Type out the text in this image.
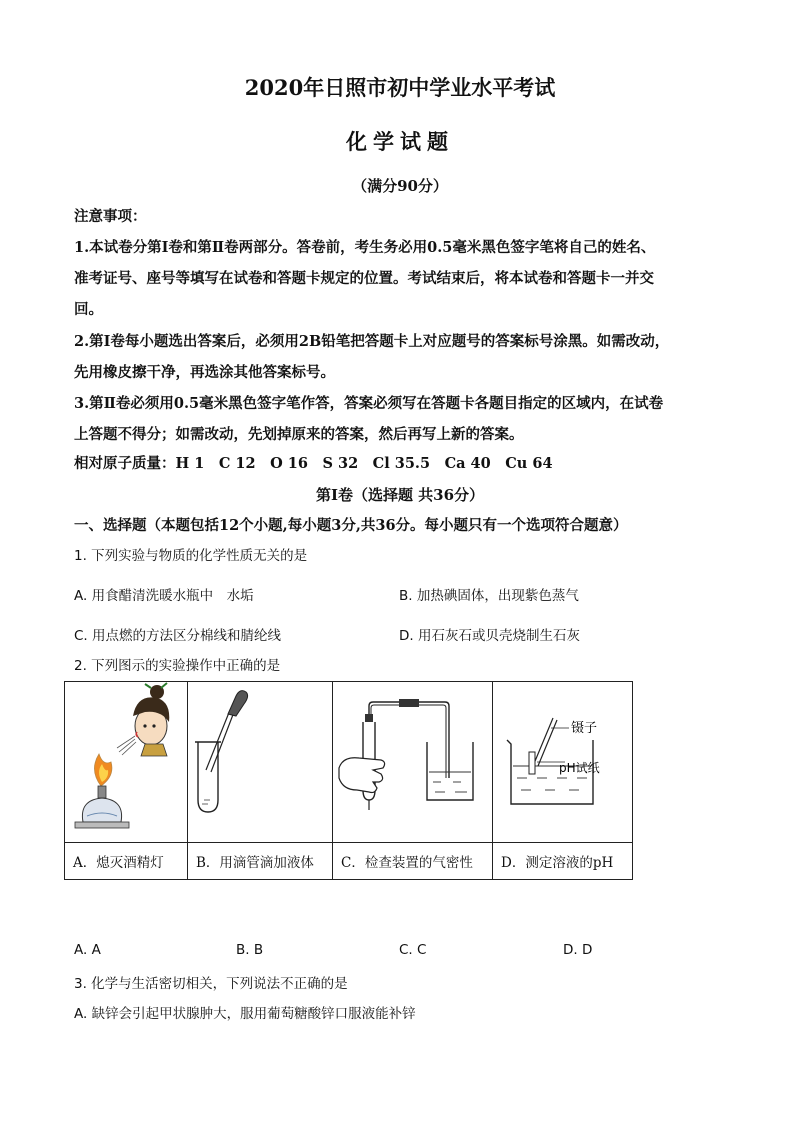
2020年日照市初中学业水平考试
化学试题
（满分90分）
注意事项：
1.本试卷分第Ⅰ卷和第Ⅱ卷两部分。答卷前，考生务必用0.5毫米黑色签字笔将自己的姓名、
准考证号、座号等填写在试卷和答题卡规定的位置。考试结束后，将本试卷和答题卡一并交
回。
2.第Ⅰ卷每小题选出答案后，必须用2B铅笔把答题卡上对应题号的答案标号涂黑。如需改动，
先用橡皮擦干净，再选涂其他答案标号。
3.第Ⅱ卷必须用0.5毫米黑色签字笔作答，答案必须写在答题卡各题目指定的区域内，在试卷
上答题不得分；如需改动，先划掉原来的答案，然后再写上新的答案。
相对原子质量：H 1　C 12　O 16　S 32　Cl 35.5　Ca 40　Cu 64
第Ⅰ卷（选择题 共36分）
一、选择题（本题包括12个小题,每小题3分,共36分。每小题只有一个选项符合题意）
1. 下列实验与物质的化学性质无关的是
A. 用食醋清洗暖水瓶中　水垢	B. 加热碘固体，出现紫色蒸气
C. 用点燃的方法区分棉线和腈纶线	D. 用石灰石或贝壳烧制生石灰
2. 下列图示的实验操作中正确的是

镊子
pH试纸

A．熄灭酒精灯	B．用滴管滴加液体	C．检查装置的气密性	D．测定溶液的pH
A. A	B. B	C. C	D. D
3. 化学与生活密切相关，下列说法不正确的是
A. 缺锌会引起甲状腺肿大，服用葡萄糖酸锌口服液能补锌
